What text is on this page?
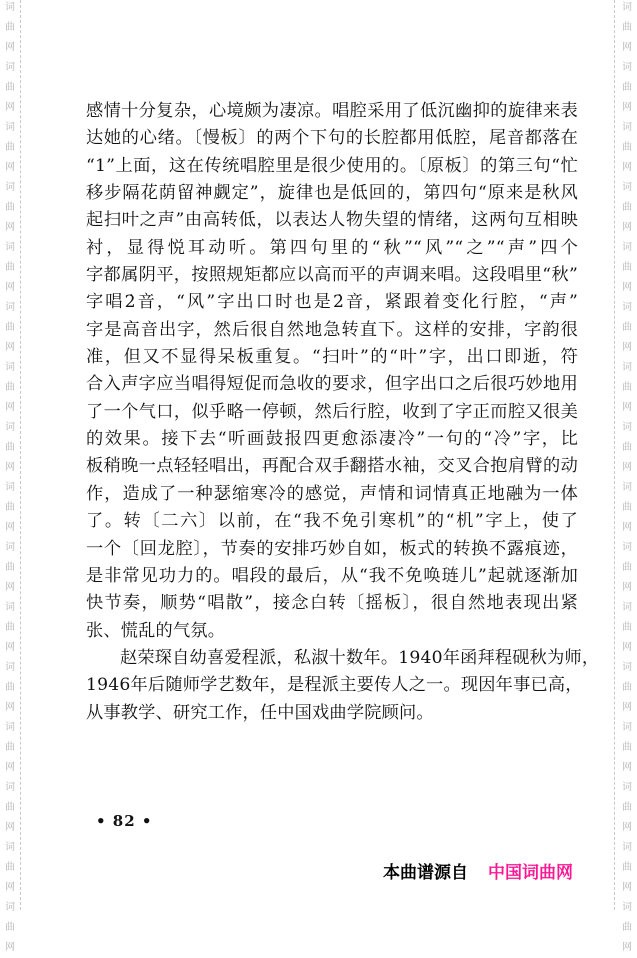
词
曲
网
词
曲
网
词
曲
网
词
曲
网
词
曲
网
词
曲
网
词
曲
网
词
曲
网
词
曲
网
词
曲
网
词
曲
网
词
曲
网
词
曲
网
词
曲
网
词
曲
网
词
曲
网
词
曲
网
词
曲
网
词
曲
网
词
曲
网
词
曲
网
词
曲
网
词
曲
网
词
曲
网
词
曲
网
词
曲
网
词
曲
网
词
曲
网
词
曲
网
词
曲
网
词
曲
网
词
曲
网
感情十分复杂，心境颇为凄凉。唱腔采用了低沉幽抑的旋律来表
达她的心绪。〔慢板〕的两个下句的长腔都用低腔，尾音都落在
“1”上面，这在传统唱腔里是很少使用的。〔原板〕的第三句“忙
移步隔花荫留神觑定”，旋律也是低回的，第四句“原来是秋风
起扫叶之声”由高转低，以表达人物失望的情绪，这两句互相映
衬，显得悦耳动听。第四句里的“秋”“风”“之”“声”四个
字都属阴平，按照规矩都应以高而平的声调来唱。这段唱里“秋”
字唱2̇音，“风”字出口时也是2̇音，紧跟着变化行腔，“声”
字是高音出字，然后很自然地急转直下。这样的安排，字韵很
准，但又不显得呆板重复。“扫叶”的“叶”字，出口即逝，符
合入声字应当唱得短促而急收的要求，但字出口之后很巧妙地用
了一个气口，似乎略一停顿，然后行腔，收到了字正而腔又很美
的效果。接下去“听画鼓报四更愈添凄冷”一句的“冷”字，比
板稍晚一点轻轻唱出，再配合双手翻搭水袖，交叉合抱肩臂的动
作，造成了一种瑟缩寒冷的感觉，声情和词情真正地融为一体
了。转〔二六〕以前，在“我不免引寒机”的“机”字上，使了
一个〔回龙腔〕，节奏的安排巧妙自如，板式的转换不露痕迹，
是非常见功力的。唱段的最后，从“我不免唤琏儿”起就逐渐加
快节奏，顺势“唱散”，接念白转〔摇板〕，很自然地表现出紧
张、慌乱的气氛。
赵荣琛自幼喜爱程派，私淑十数年。1940年函拜程砚秋为师，
1946年后随师学艺数年，是程派主要传人之一。现因年事已高，
从事教学、研究工作，任中国戏曲学院顾问。
• 82 •
本曲谱源自 中国词曲网
